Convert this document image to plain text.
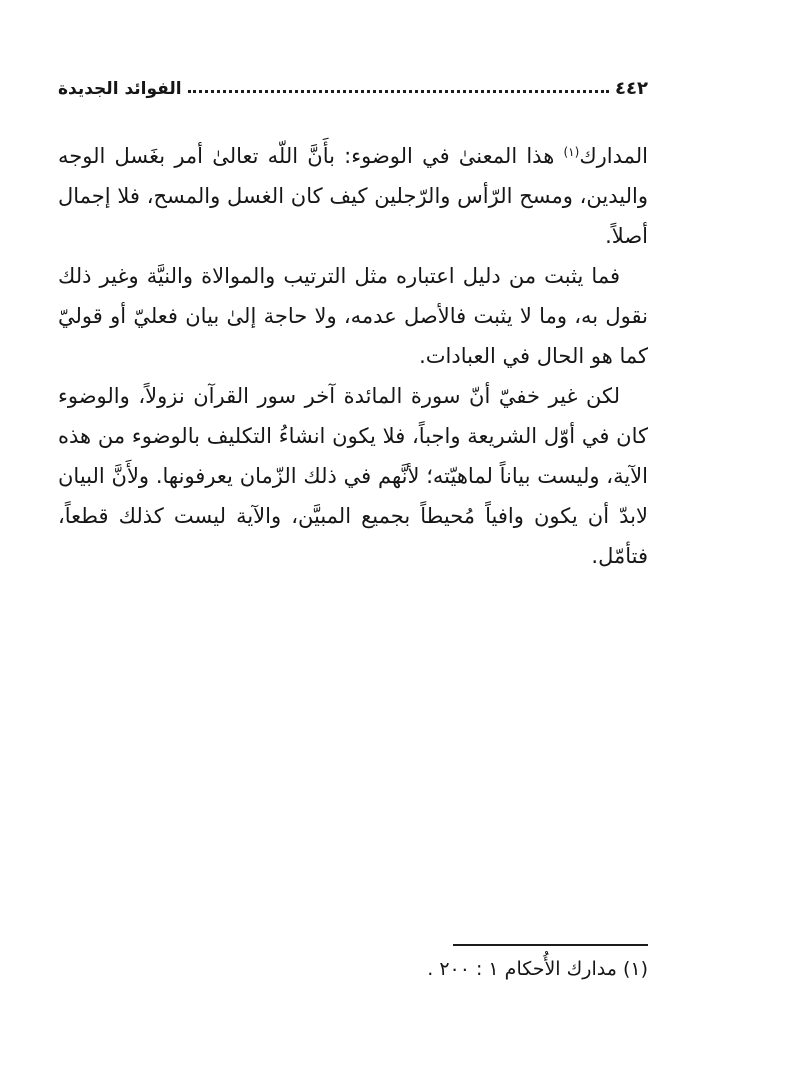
٤٤٢
الفوائد الجديدة

المدارك$^{(١)}$ هذا المعنىٰ في الوضوء: بأَنَّ اللّه تعالىٰ أمر بغَسل الوجه واليدين، ومسح الرّأس والرّجلين كيف كان الغسل والمسح، فلا إجمال أصلاً.

فما يثبت من دليل اعتباره مثل الترتيب والموالاة والنيَّة وغير ذلك نقول به، وما لا يثبت فالأصل عدمه، ولا حاجة إلىٰ بيان فعليّ أو قوليّ كما هو الحال في العبادات.

لكن غير خفيّ أنّ سورة المائدة آخر سور القرآن نزولاً، والوضوء كان في أوّل الشريعة واجباً، فلا يكون انشاءُ التكليف بالوضوء من هذه الآية، وليست بياناً لماهيّته؛ لأنَّهم في ذلك الزّمان يعرفونها. ولأَنَّ البيان لابدّ أن يكون وافياً مُحيطاً بجميع المبيَّن، والآية ليست كذلك قطعاً، فتأمّل.

(١) مدارك الأُحكام ١ : ٢٠٠ .
